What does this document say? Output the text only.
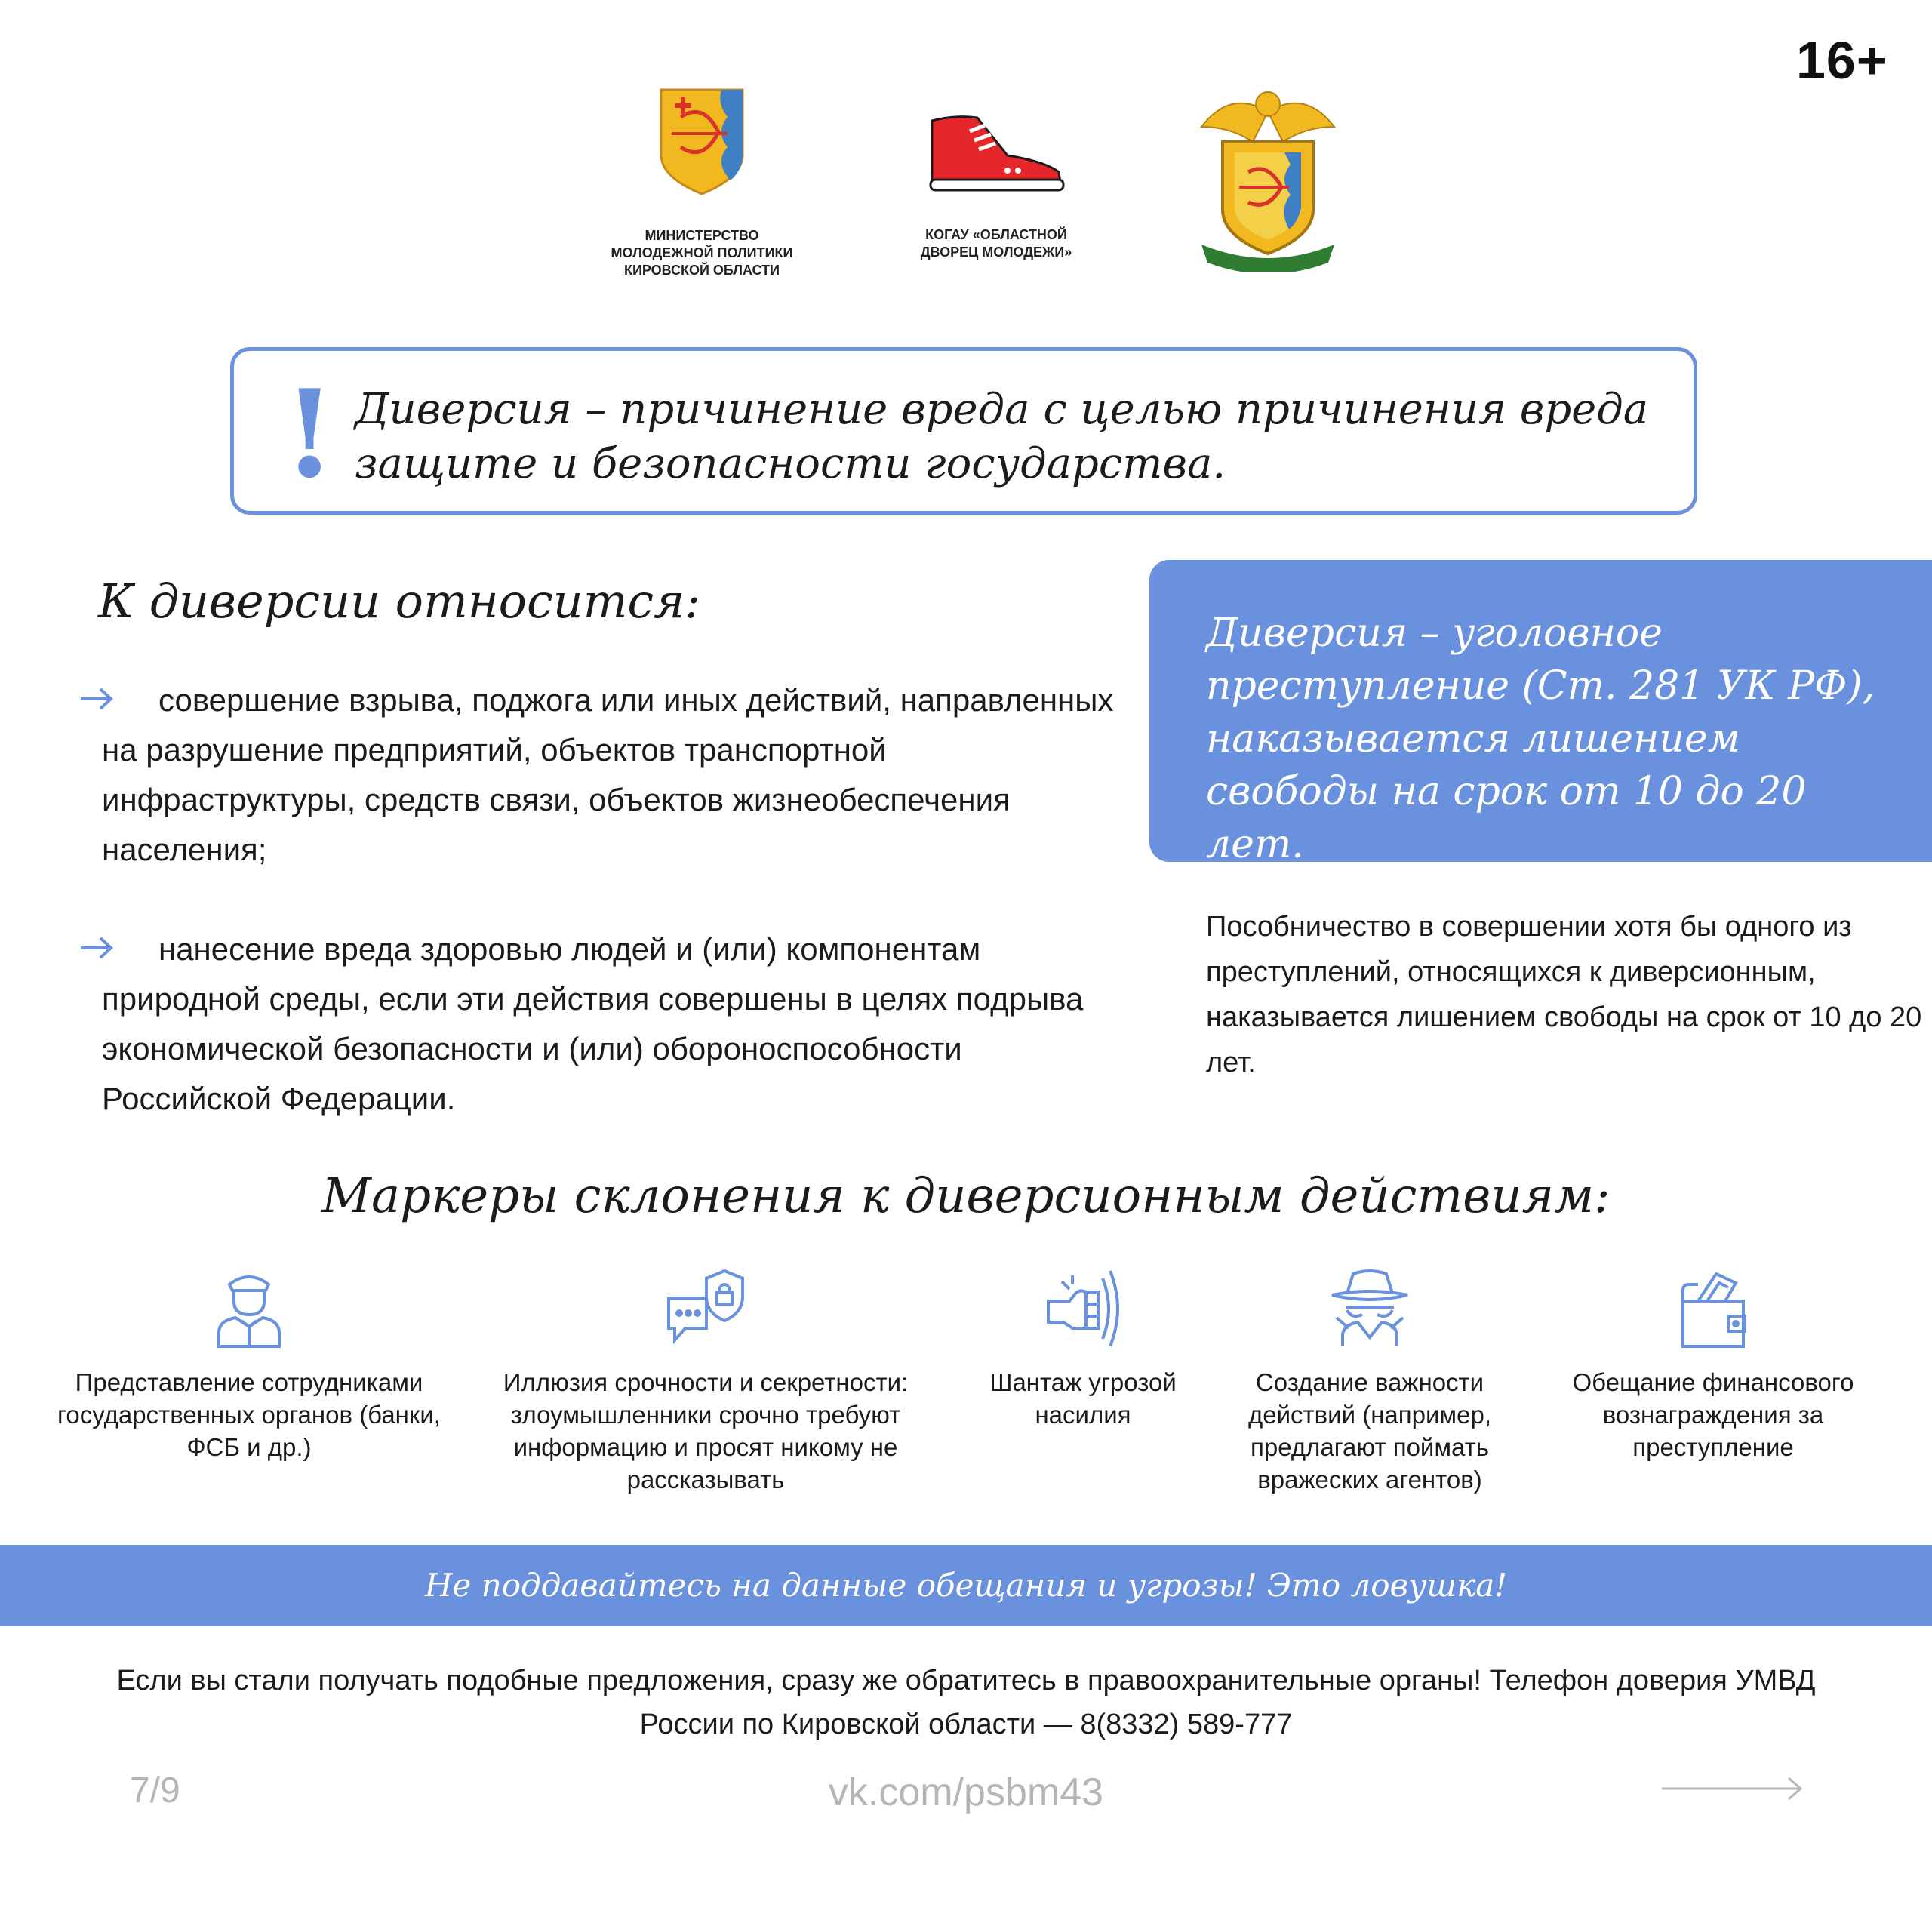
16+
МИНИСТЕРСТВО
МОЛОДЕЖНОЙ ПОЛИТИКИ
КИРОВСКОЙ ОБЛАСТИ
КОГАУ «ОБЛАСТНОЙ
ДВОРЕЦ МОЛОДЕЖИ»
! Диверсия – причинение вреда с целью причинения вреда защите и безопасности государства.
К диверсии относится:
совершение взрыва, поджога или иных действий, направленных на разрушение предприятий, объектов транспортной инфраструктуры, средств связи, объектов жизнеобеспечения населения;
нанесение вреда здоровью людей и (или) компонентам природной среды, если эти действия совершены в целях подрыва экономической безопасности и (или) обороноспособности Российской Федерации.
Диверсия – уголовное преступление (Ст. 281 УК РФ), наказывается лишением свободы на срок от 10 до 20 лет.
Пособничество в совершении хотя бы одного из преступлений, относящихся к диверсионным, наказывается лишением свободы на срок от 10 до 20 лет.
Маркеры склонения к диверсионным действиям:
Представление сотрудниками государственных органов (банки, ФСБ и др.)
Иллюзия срочности и секретности: злоумышленники срочно требуют информацию и просят никому не рассказывать
Шантаж угрозой насилия
Создание важности действий (например, предлагают поймать вражеских агентов)
Обещание финансового вознаграждения за преступление
Не поддавайтесь на данные обещания и угрозы! Это ловушка!
Если вы стали получать подобные предложения, сразу же обратитесь в правоохранительные органы! Телефон доверия УМВД России по Кировской области — 8(8332) 589-777
7/9	vk.com/psbm43
